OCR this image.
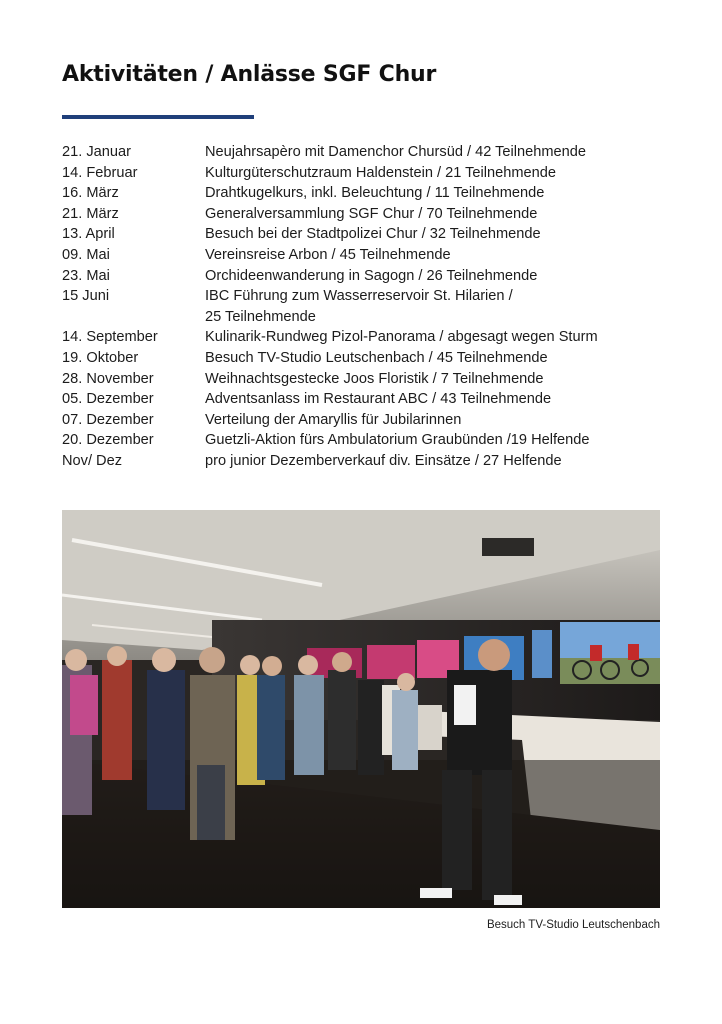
Aktivitäten / Anlässe SGF Chur
21. Januar	Neujahrsapèro mit Damenchor Chursüd / 42 Teilnehmende
14. Februar	Kulturgüterschutzraum Haldenstein / 21 Teilnehmende
16. März	Drahtkugelkurs, inkl. Beleuchtung / 11 Teilnehmende
21. März	Generalversammlung SGF Chur / 70 Teilnehmende
13. April	Besuch bei der Stadtpolizei Chur / 32 Teilnehmende
09. Mai	Vereinsreise Arbon / 45 Teilnehmende
23. Mai	Orchideenwanderung in Sagogn / 26 Teilnehmende
15 Juni	IBC Führung zum Wasserreservoir St. Hilarien /
25 Teilnehmende
14. September	Kulinarik-Rundweg Pizol-Panorama / abgesagt wegen Sturm
19. Oktober	Besuch TV-Studio Leutschenbach / 45 Teilnehmende
28. November	Weihnachtsgestecke Joos Floristik / 7 Teilnehmende
05. Dezember	Adventsanlass im Restaurant ABC / 43 Teilnehmende
07. Dezember	Verteilung der Amaryllis für Jubilarinnen
20. Dezember	Guetzli-Aktion fürs Ambulatorium Graubünden /19 Helfende
Nov/ Dez	pro junior Dezemberverkauf div. Einsätze / 27 Helfende
Besuch TV-Studio Leutschenbach
